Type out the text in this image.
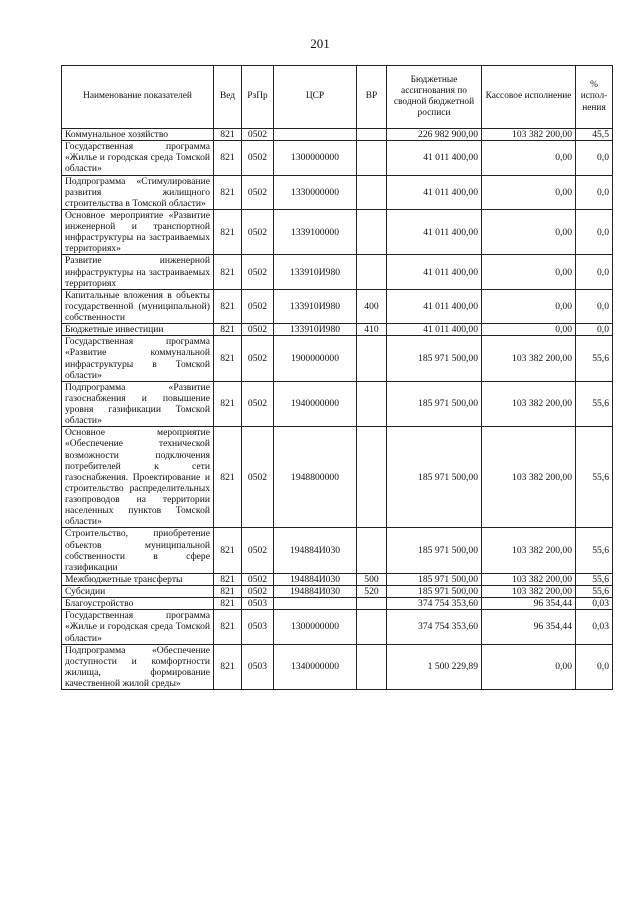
201
Наименование показателей	Вед	РзПр	ЦСР	ВР	Бюджетные ассигнования по сводной бюджетной росписи	Кассовое исполнение	% испол-нения
Коммунальное хозяйство	821	0502			226 982 900,00	103 382 200,00	45,5
Государственная программа «Жилье и городская среда Томской области»	821	0502	1300000000		41 011 400,00	0,00	0,0
Подпрограмма «Стимулирование развития жилищного строительства в Томской области»	821	0502	1330000000		41 011 400,00	0,00	0,0
Основное мероприятие «Развитие инженерной и транспортной инфраструктуры на застраиваемых территориях»	821	0502	1339100000		41 011 400,00	0,00	0,0
Развитие инженерной инфраструктуры на застраиваемых территориях	821	0502	133910И980		41 011 400,00	0,00	0,0
Капитальные вложения в объекты государственной (муниципальной) собственности	821	0502	133910И980	400	41 011 400,00	0,00	0,0
Бюджетные инвестиции	821	0502	133910И980	410	41 011 400,00	0,00	0,0
Государственная программа «Развитие коммунальной инфраструктуры в Томской области»	821	0502	1900000000		185 971 500,00	103 382 200,00	55,6
Подпрограмма «Развитие газоснабжения и повышение уровня газификации Томской области»	821	0502	1940000000		185 971 500,00	103 382 200,00	55,6
Основное мероприятие «Обеспечение технической возможности подключения потребителей к сети газоснабжения. Проектирование и строительство распределительных газопроводов на территории населенных пунктов Томской области»	821	0502	1948800000		185 971 500,00	103 382 200,00	55,6
Строительство, приобретение объектов муниципальной собственности в сфере газификации	821	0502	194884И030		185 971 500,00	103 382 200,00	55,6
Межбюджетные трансферты	821	0502	194884И030	500	185 971 500,00	103 382 200,00	55,6
Субсидии	821	0502	194884И030	520	185 971 500,00	103 382 200,00	55,6
Благоустройство	821	0503			374 754 353,60	96 354,44	0,03
Государственная программа «Жилье и городская среда Томской области»	821	0503	1300000000		374 754 353,60	96 354,44	0,03
Подпрограмма «Обеспечение доступности и комфортности жилища, формирование качественной жилой среды»	821	0503	1340000000		1 500 229,89	0,00	0,0
